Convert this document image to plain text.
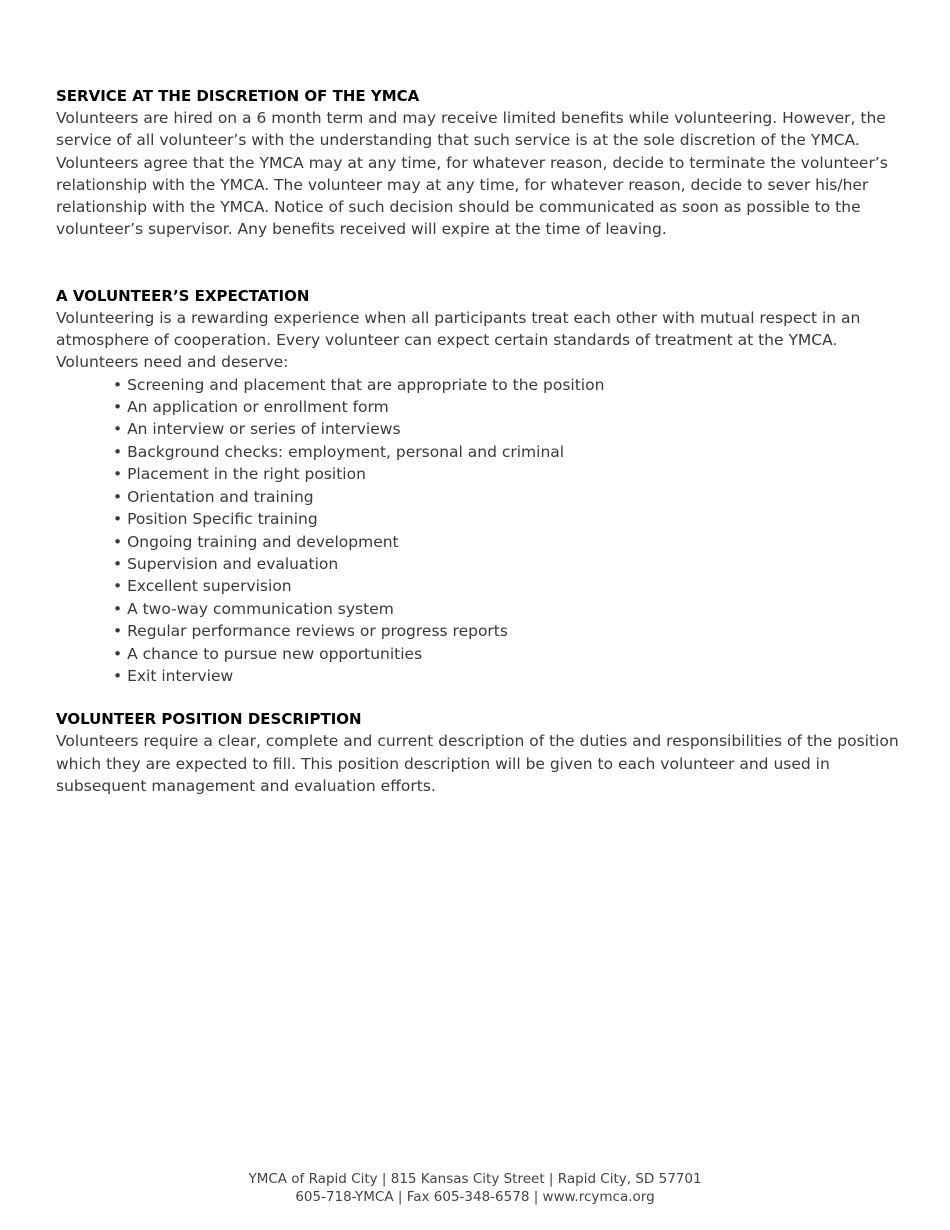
SERVICE AT THE DISCRETION OF THE YMCA

Volunteers are hired on a 6 month term and may receive limited benefits while volunteering. However, the service of all volunteer’s with the understanding that such service is at the sole discretion of the YMCA. Volunteers agree that the YMCA may at any time, for whatever reason, decide to terminate the volunteer’s relationship with the YMCA. The volunteer may at any time, for whatever reason, decide to sever his/her relationship with the YMCA. Notice of such decision should be communicated as soon as possible to the volunteer’s supervisor. Any benefits received will expire at the time of leaving.

A VOLUNTEER’S EXPECTATION

Volunteering is a rewarding experience when all participants treat each other with mutual respect in an atmosphere of cooperation. Every volunteer can expect certain standards of treatment at the YMCA. Volunteers need and deserve:

• Screening and placement that are appropriate to the position
• An application or enrollment form
• An interview or series of interviews
• Background checks: employment, personal and criminal
• Placement in the right position
• Orientation and training
• Position Specific training
• Ongoing training and development
• Supervision and evaluation
• Excellent supervision
• A two-way communication system
• Regular performance reviews or progress reports
• A chance to pursue new opportunities
• Exit interview
VOLUNTEER POSITION DESCRIPTION

Volunteers require a clear, complete and current description of the duties and responsibilities of the position which they are expected to fill. This position description will be given to each volunteer and used in subsequent management and evaluation efforts.

YMCA of Rapid City | 815 Kansas City Street | Rapid City, SD 57701
605-718-YMCA | Fax 605-348-6578 | www.rcymca.org
